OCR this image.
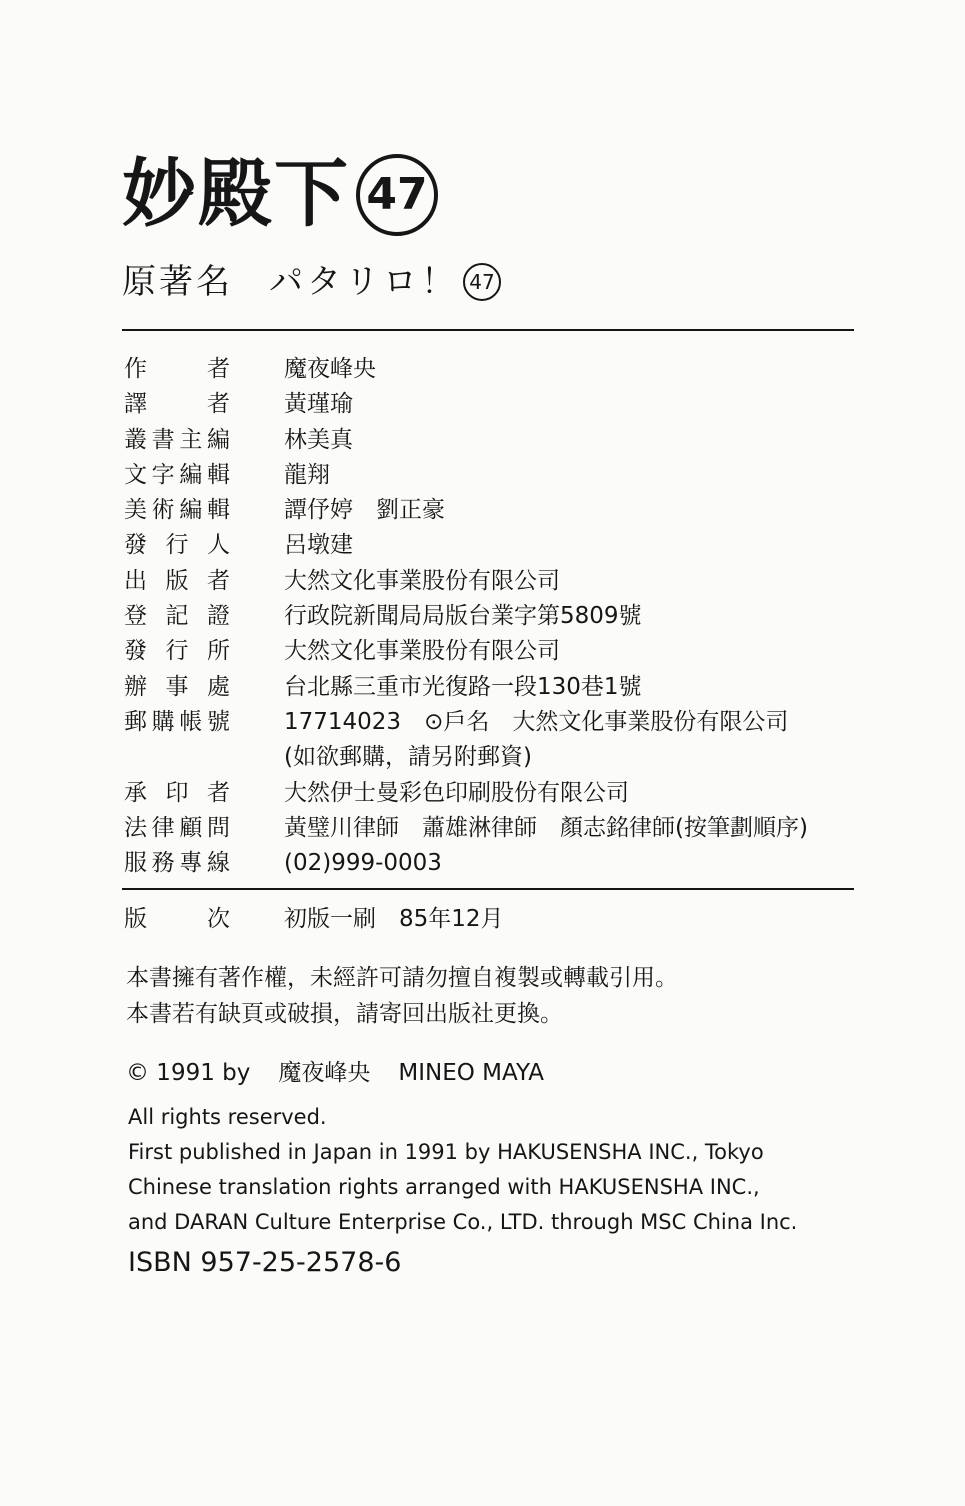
妙殿下 47
原著名 パタリロ！ 47
作者 魔夜峰央
譯者 黃瑾瑜
叢書主編 林美真
文字編輯 龍翔
美術編輯 譚伃婷　劉正豪
發行人 呂墩建
出版者 大然文化事業股份有限公司
登記證 行政院新聞局局版台業字第5809號
發行所 大然文化事業股份有限公司
辦事處 台北縣三重市光復路一段130巷1號
郵購帳號 17714023　⊙戶名　大然文化事業股份有限公司
(如欲郵購，請另附郵資)
承印者 大然伊士曼彩色印刷股份有限公司
法律顧問 黃璧川律師　蕭雄淋律師　顏志銘律師(按筆劃順序)
服務專線 (02)999-0003
版次 初版一刷　85年12月
本書擁有著作權，未經許可請勿擅自複製或轉載引用。
本書若有缺頁或破損，請寄回出版社更換。
© 1991 by 魔夜峰央 MINEO MAYA
All rights reserved.
First published in Japan in 1991 by HAKUSENSHA INC., Tokyo
Chinese translation rights arranged with HAKUSENSHA INC.,
and DARAN Culture Enterprise Co., LTD. through MSC China Inc.
ISBN 957-25-2578-6
